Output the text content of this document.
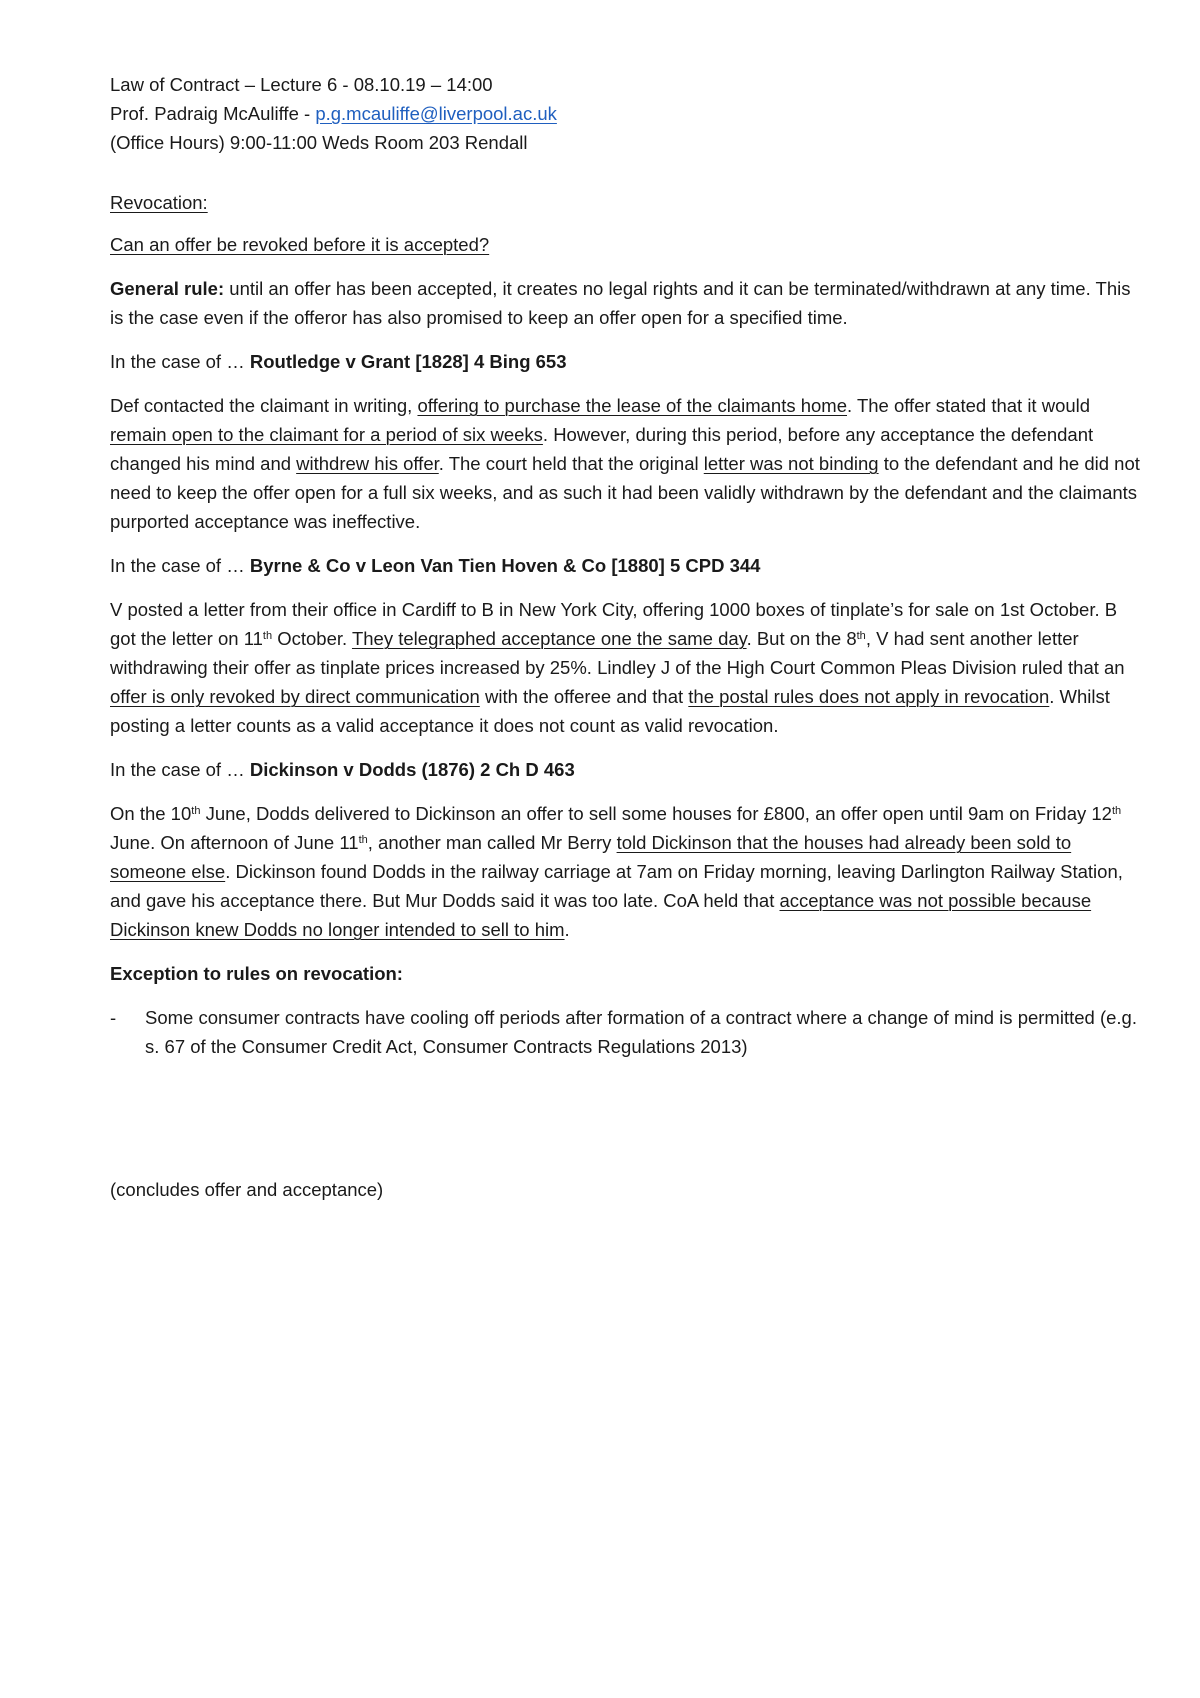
Law of Contract – Lecture 6 - 08.10.19 – 14:00

Prof. Padraig McAuliffe - p.g.mcauliffe@liverpool.ac.uk

(Office Hours) 9:00-11:00 Weds Room 203 Rendall

Revocation:

Can an offer be revoked before it is accepted?

General rule: until an offer has been accepted, it creates no legal rights and it can be terminated/withdrawn at any time. This is the case even if the offeror has also promised to keep an offer open for a specified time.

In the case of … Routledge v Grant [1828] 4 Bing 653

Def contacted the claimant in writing, offering to purchase the lease of the claimants home. The offer stated that it would remain open to the claimant for a period of six weeks. However, during this period, before any acceptance the defendant changed his mind and withdrew his offer. The court held that the original letter was not binding to the defendant and he did not need to keep the offer open for a full six weeks, and as such it had been validly withdrawn by the defendant and the claimants purported acceptance was ineffective.

In the case of … Byrne & Co v Leon Van Tien Hoven & Co [1880] 5 CPD 344

V posted a letter from their office in Cardiff to B in New York City, offering 1000 boxes of tinplate’s for sale on 1st October. B got the letter on 11th October. They telegraphed acceptance one the same day. But on the 8th, V had sent another letter withdrawing their offer as tinplate prices increased by 25%. Lindley J of the High Court Common Pleas Division ruled that an offer is only revoked by direct communication with the offeree and that the postal rules does not apply in revocation. Whilst posting a letter counts as a valid acceptance it does not count as valid revocation.

In the case of … Dickinson v Dodds (1876) 2 Ch D 463

On the 10th June, Dodds delivered to Dickinson an offer to sell some houses for £800, an offer open until 9am on Friday 12th June. On afternoon of June 11th, another man called Mr Berry told Dickinson that the houses had already been sold to someone else. Dickinson found Dodds in the railway carriage at 7am on Friday morning, leaving Darlington Railway Station, and gave his acceptance there. But Mur Dodds said it was too late. CoA held that acceptance was not possible because Dickinson knew Dodds no longer intended to sell to him.

Exception to rules on revocation:

-	Some consumer contracts have cooling off periods after formation of a contract where a change of mind is permitted (e.g. s. 67 of the Consumer Credit Act, Consumer Contracts Regulations 2013)

(concludes offer and acceptance)
